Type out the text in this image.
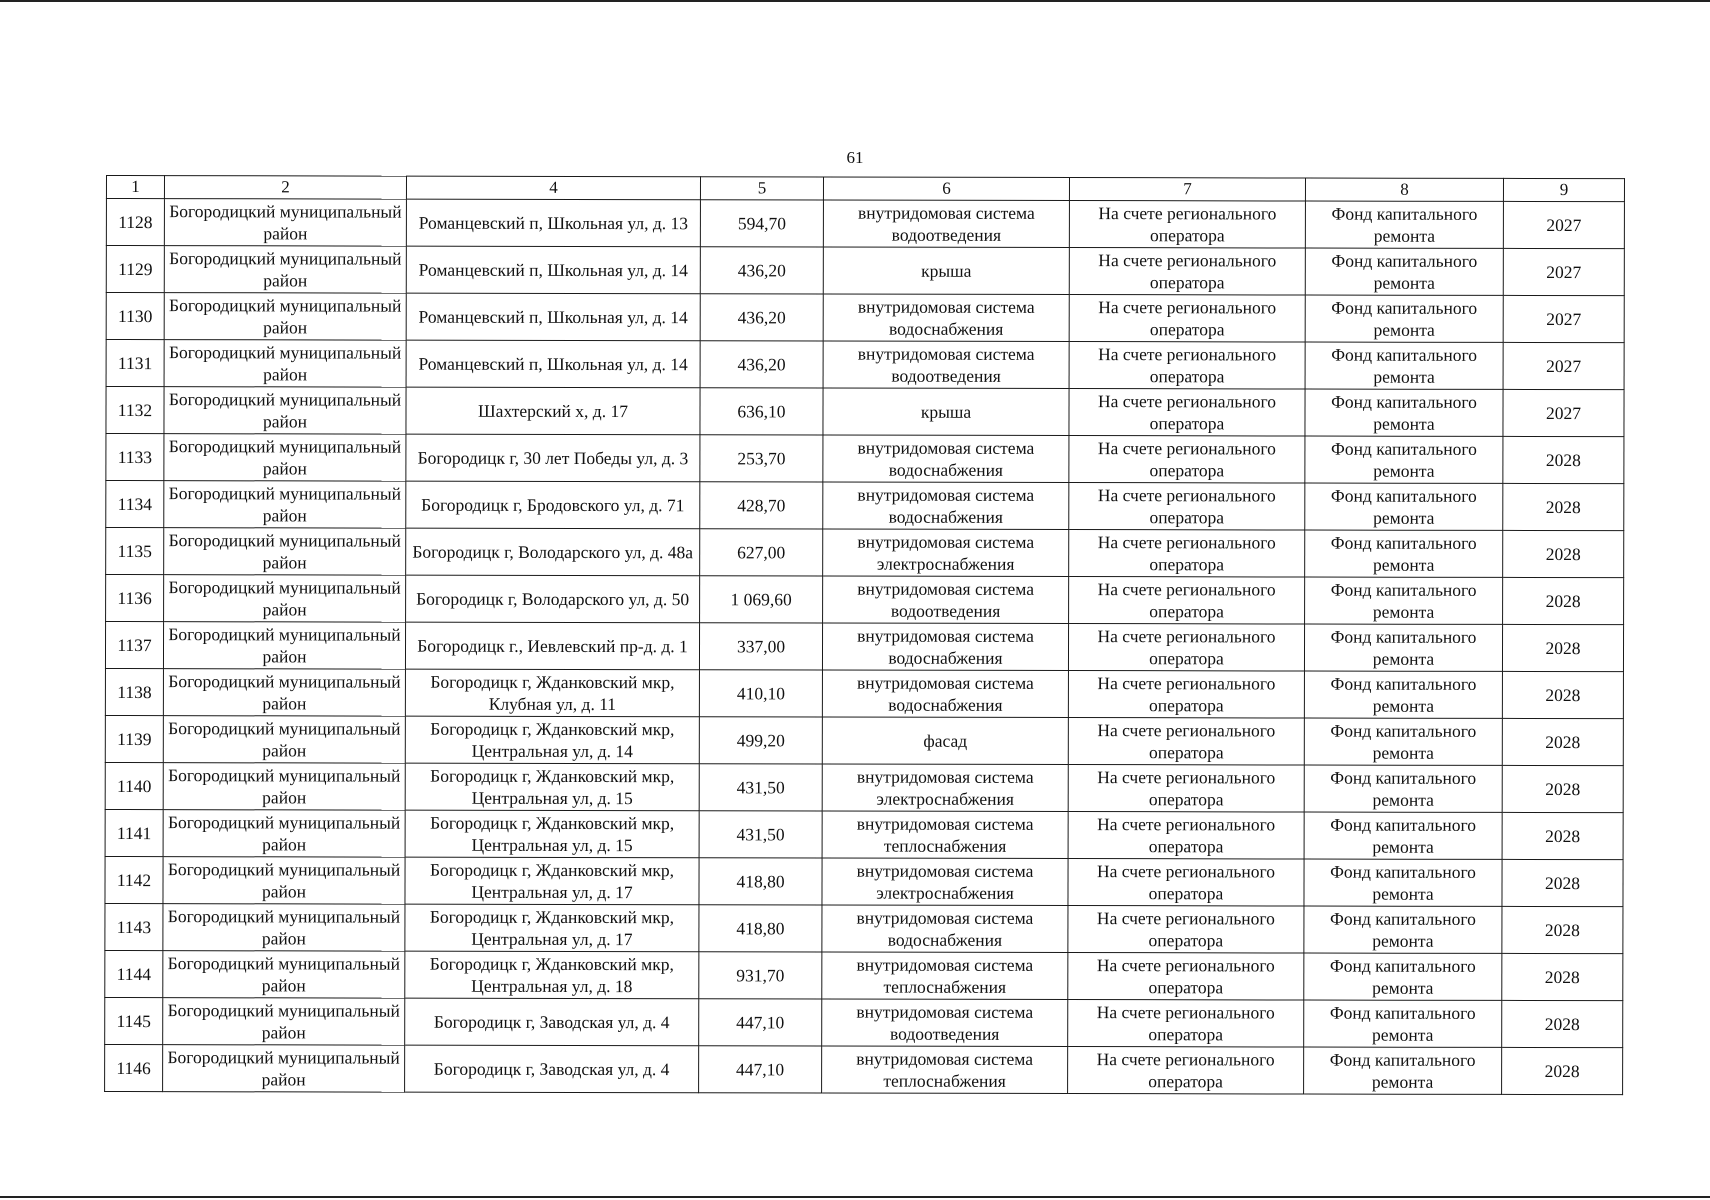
61
1	2	4	5	6	7	8	9
1128	Богородицкий муниципальный район	Романцевский п, Школьная ул, д. 13	594,70	внутридомовая система водоотведения	На счете регионального оператора	Фонд капитального ремонта	2027
1129	Богородицкий муниципальный район	Романцевский п, Школьная ул, д. 14	436,20	крыша	На счете регионального оператора	Фонд капитального ремонта	2027
1130	Богородицкий муниципальный район	Романцевский п, Школьная ул, д. 14	436,20	внутридомовая система водоснабжения	На счете регионального оператора	Фонд капитального ремонта	2027
1131	Богородицкий муниципальный район	Романцевский п, Школьная ул, д. 14	436,20	внутридомовая система водоотведения	На счете регионального оператора	Фонд капитального ремонта	2027
1132	Богородицкий муниципальный район	Шахтерский х, д. 17	636,10	крыша	На счете регионального оператора	Фонд капитального ремонта	2027
1133	Богородицкий муниципальный район	Богородицк г, 30 лет Победы ул, д. 3	253,70	внутридомовая система водоснабжения	На счете регионального оператора	Фонд капитального ремонта	2028
1134	Богородицкий муниципальный район	Богородицк г, Бродовского ул, д. 71	428,70	внутридомовая система водоснабжения	На счете регионального оператора	Фонд капитального ремонта	2028
1135	Богородицкий муниципальный район	Богородицк г, Володарского ул, д. 48а	627,00	внутридомовая система электроснабжения	На счете регионального оператора	Фонд капитального ремонта	2028
1136	Богородицкий муниципальный район	Богородицк г, Володарского ул, д. 50	1 069,60	внутридомовая система водоотведения	На счете регионального оператора	Фонд капитального ремонта	2028
1137	Богородицкий муниципальный район	Богородицк г., Иевлевский пр-д. д. 1	337,00	внутридомовая система водоснабжения	На счете регионального оператора	Фонд капитального ремонта	2028
1138	Богородицкий муниципальный район	Богородицк г, Жданковский мкр, Клубная ул, д. 11	410,10	внутридомовая система водоснабжения	На счете регионального оператора	Фонд капитального ремонта	2028
1139	Богородицкий муниципальный район	Богородицк г, Жданковский мкр, Центральная ул, д. 14	499,20	фасад	На счете регионального оператора	Фонд капитального ремонта	2028
1140	Богородицкий муниципальный район	Богородицк г, Жданковский мкр, Центральная ул, д. 15	431,50	внутридомовая система электроснабжения	На счете регионального оператора	Фонд капитального ремонта	2028
1141	Богородицкий муниципальный район	Богородицк г, Жданковский мкр, Центральная ул, д. 15	431,50	внутридомовая система теплоснабжения	На счете регионального оператора	Фонд капитального ремонта	2028
1142	Богородицкий муниципальный район	Богородицк г, Жданковский мкр, Центральная ул, д. 17	418,80	внутридомовая система электроснабжения	На счете регионального оператора	Фонд капитального ремонта	2028
1143	Богородицкий муниципальный район	Богородицк г, Жданковский мкр, Центральная ул, д. 17	418,80	внутридомовая система водоснабжения	На счете регионального оператора	Фонд капитального ремонта	2028
1144	Богородицкий муниципальный район	Богородицк г, Жданковский мкр, Центральная ул, д. 18	931,70	внутридомовая система теплоснабжения	На счете регионального оператора	Фонд капитального ремонта	2028
1145	Богородицкий муниципальный район	Богородицк г, Заводская ул, д. 4	447,10	внутридомовая система водоотведения	На счете регионального оператора	Фонд капитального ремонта	2028
1146	Богородицкий муниципальный район	Богородицк г, Заводская ул, д. 4	447,10	внутридомовая система теплоснабжения	На счете регионального оператора	Фонд капитального ремонта	2028
